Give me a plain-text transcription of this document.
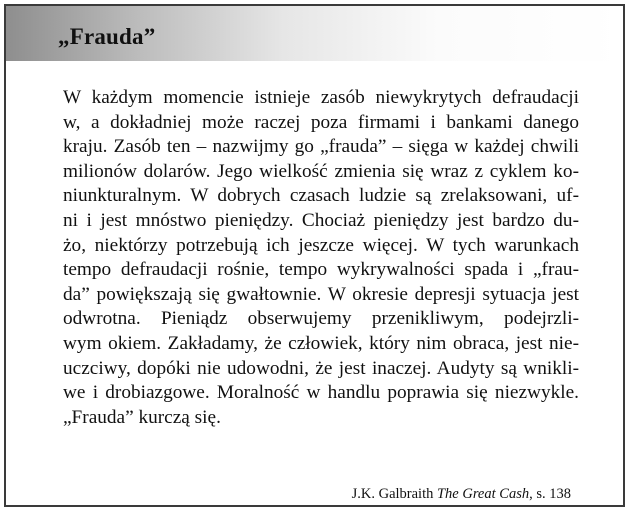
„Frauda”
W każdym momencie istnieje zasób niewykrytych defraudacji
w, a dokładniej może raczej poza firmami i bankami danego
kraju. Zasób ten – nazwijmy go „frauda” – sięga w każdej chwili
milionów dolarów. Jego wielkość zmienia się wraz z cyklem ko-
niunkturalnym. W dobrych czasach ludzie są zrelaksowani, uf-
ni i jest mnóstwo pieniędzy. Chociaż pieniędzy jest bardzo du-
żo, niektórzy potrzebują ich jeszcze więcej. W tych warunkach
tempo defraudacji rośnie, tempo wykrywalności spada i „frau-
da” powiększają się gwałtownie. W okresie depresji sytuacja jest
odwrotna. Pieniądz obserwujemy przenikliwym, podejrzli-
wym okiem. Zakładamy, że człowiek, który nim obraca, jest nie-
uczciwy, dopóki nie udowodni, że jest inaczej. Audyty są wnikli-
we i drobiazgowe. Moralność w handlu poprawia się niezwykle.
„Frauda” kurczą się.
J.K. Galbraith The Great Cash, s. 138
